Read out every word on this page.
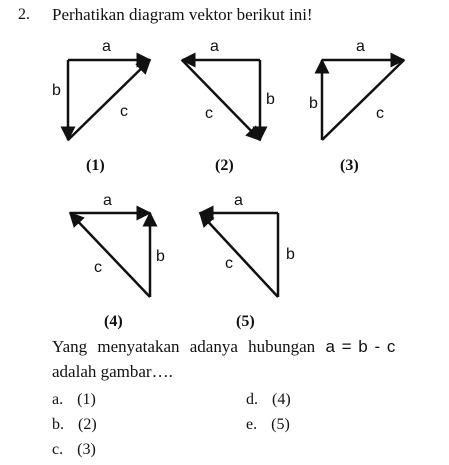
2. Perhatikan diagram vektor berikut ini!
a
b
c
(1)
a
b
c
(2)
a
b
c
(3)
a
b
c
(4)
a
b
c
(5)
Yang menyatakan adanya hubungan a = b - c
adalah gambar….
a. (1)
b. (2)
c. (3)
d. (4)
e. (5)
